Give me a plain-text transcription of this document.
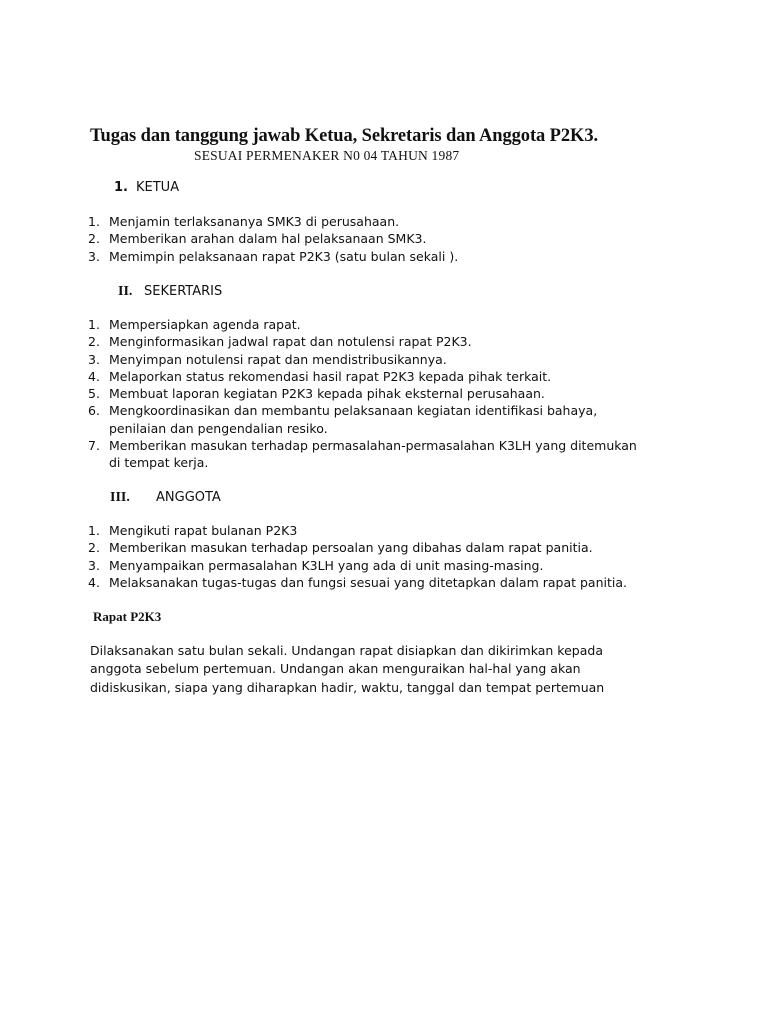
Tugas dan tanggung jawab Ketua, Sekretaris dan Anggota P2K3.
SESUAI PERMENAKER N0 04 TAHUN 1987
1. KETUA
1. Menjamin terlaksananya SMK3 di perusahaan.
2. Memberikan arahan dalam hal pelaksanaan SMK3.
3. Memimpin pelaksanaan rapat P2K3 (satu bulan sekali ).
II. SEKERTARIS
1. Mempersiapkan agenda rapat.
2. Menginformasikan jadwal rapat dan notulensi rapat P2K3.
3. Menyimpan notulensi rapat dan mendistribusikannya.
4. Melaporkan status rekomendasi hasil rapat P2K3 kepada pihak terkait.
5. Membuat laporan kegiatan P2K3 kepada pihak eksternal perusahaan.
6. Mengkoordinasikan dan membantu pelaksanaan kegiatan identifikasi bahaya,
penilaian dan pengendalian resiko.
7. Memberikan masukan terhadap permasalahan-permasalahan K3LH yang ditemukan
di tempat kerja.
III. ANGGOTA
1. Mengikuti rapat bulanan P2K3
2. Memberikan masukan terhadap persoalan yang dibahas dalam rapat panitia.
3. Menyampaikan permasalahan K3LH yang ada di unit masing-masing.
4. Melaksanakan tugas-tugas dan fungsi sesuai yang ditetapkan dalam rapat panitia.
Rapat P2K3
Dilaksanakan satu bulan sekali. Undangan rapat disiapkan dan dikirimkan kepada
anggota sebelum pertemuan. Undangan akan menguraikan hal-hal yang akan
didiskusikan, siapa yang diharapkan hadir, waktu, tanggal dan tempat pertemuan
